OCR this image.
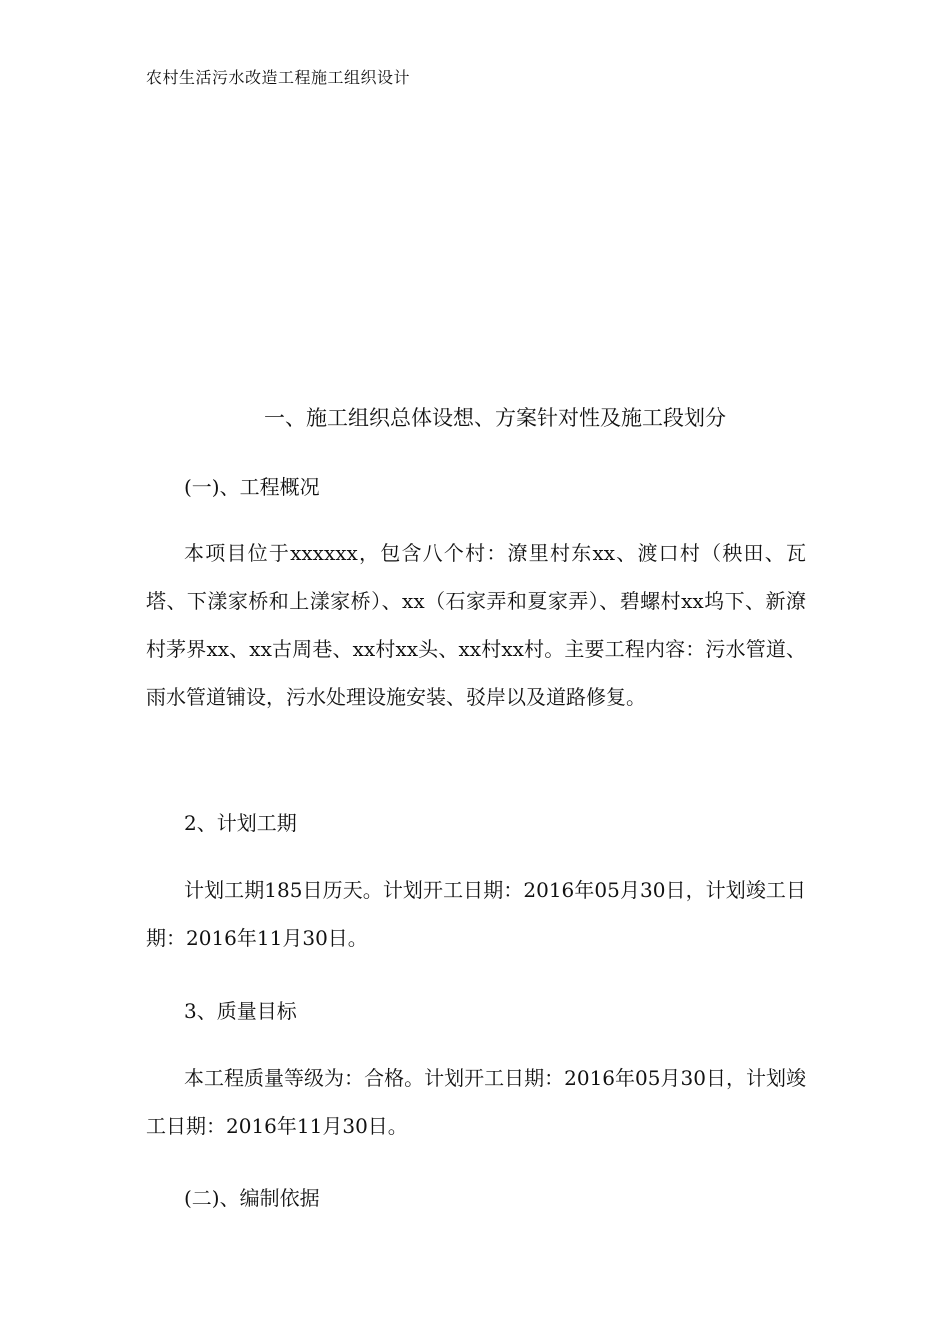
农村生活污水改造工程施工组织设计
一、施工组织总体设想、方案针对性及施工段划分
(一)、工程概况

本项目位于xxxxxx，包含八个村：潦里村东xx、渡口村（秧田、瓦塔、下漾家桥和上漾家桥）、xx（石家弄和夏家弄）、碧螺村xx坞下、新潦村茅界xx、xx古周巷、xx村xx头、xx村xx村。主要工程内容：污水管道、雨水管道铺设，污水处理设施安装、驳岸以及道路修复。

2、计划工期

计划工期185日历天。计划开工日期：2016年05月30日，计划竣工日期：2016年11月30日。

3、质量目标

本工程质量等级为：合格。计划开工日期：2016年05月30日，计划竣工日期：2016年11月30日。

(二)、编制依据
